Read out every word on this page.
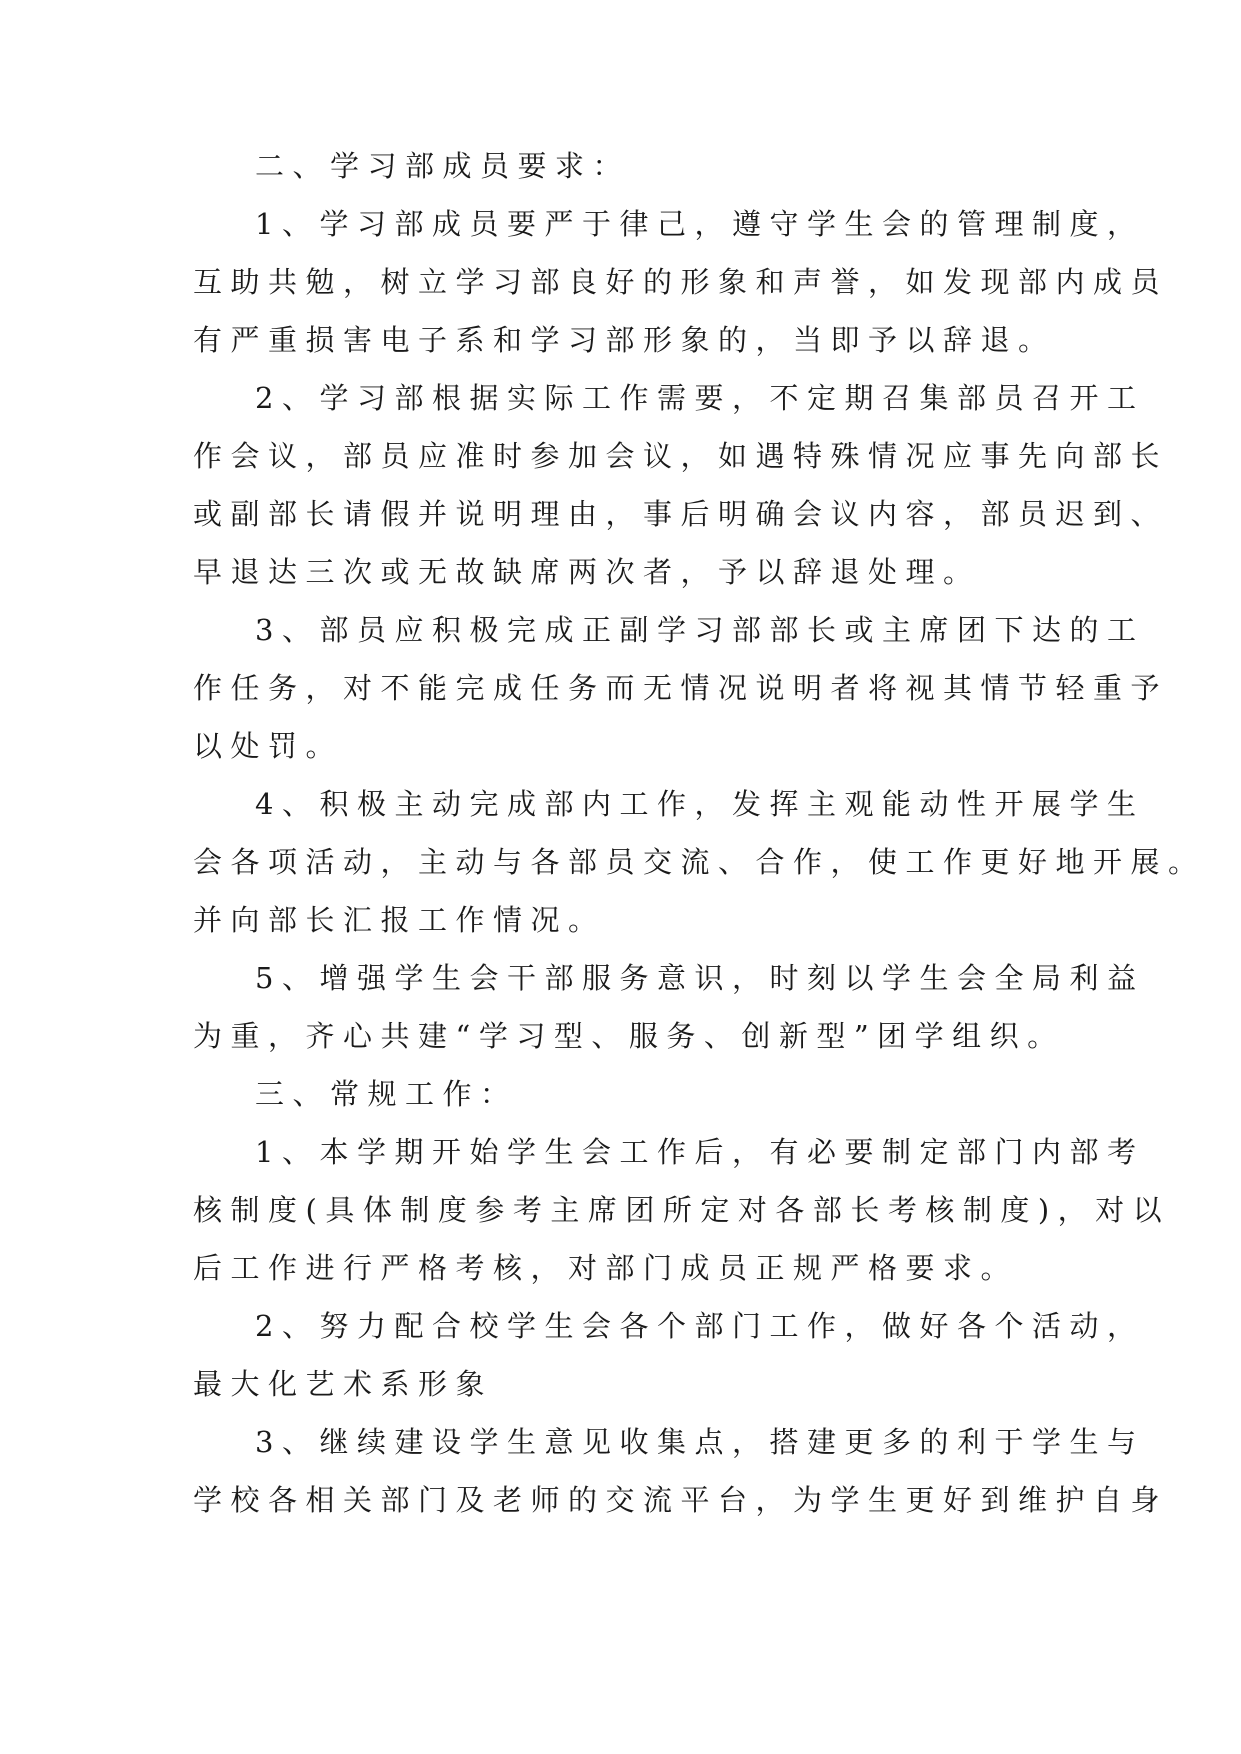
二、学习部成员要求：
1、学习部成员要严于律己，遵守学生会的管理制度，
互助共勉，树立学习部良好的形象和声誉，如发现部内成员
有严重损害电子系和学习部形象的，当即予以辞退。
2、学习部根据实际工作需要，不定期召集部员召开工
作会议，部员应准时参加会议，如遇特殊情况应事先向部长
或副部长请假并说明理由，事后明确会议内容，部员迟到、
早退达三次或无故缺席两次者，予以辞退处理。
3、部员应积极完成正副学习部部长或主席团下达的工
作任务，对不能完成任务而无情况说明者将视其情节轻重予
以处罚。
4、积极主动完成部内工作，发挥主观能动性开展学生
会各项活动，主动与各部员交流、合作，使工作更好地开展。
并向部长汇报工作情况。
5、增强学生会干部服务意识，时刻以学生会全局利益
为重，齐心共建“学习型、服务、创新型”团学组织。
三、常规工作：
1、本学期开始学生会工作后，有必要制定部门内部考
核制度(具体制度参考主席团所定对各部长考核制度)，对以
后工作进行严格考核，对部门成员正规严格要求。
2、努力配合校学生会各个部门工作，做好各个活动，
最大化艺术系形象
3、继续建设学生意见收集点，搭建更多的利于学生与
学校各相关部门及老师的交流平台，为学生更好到维护自身
